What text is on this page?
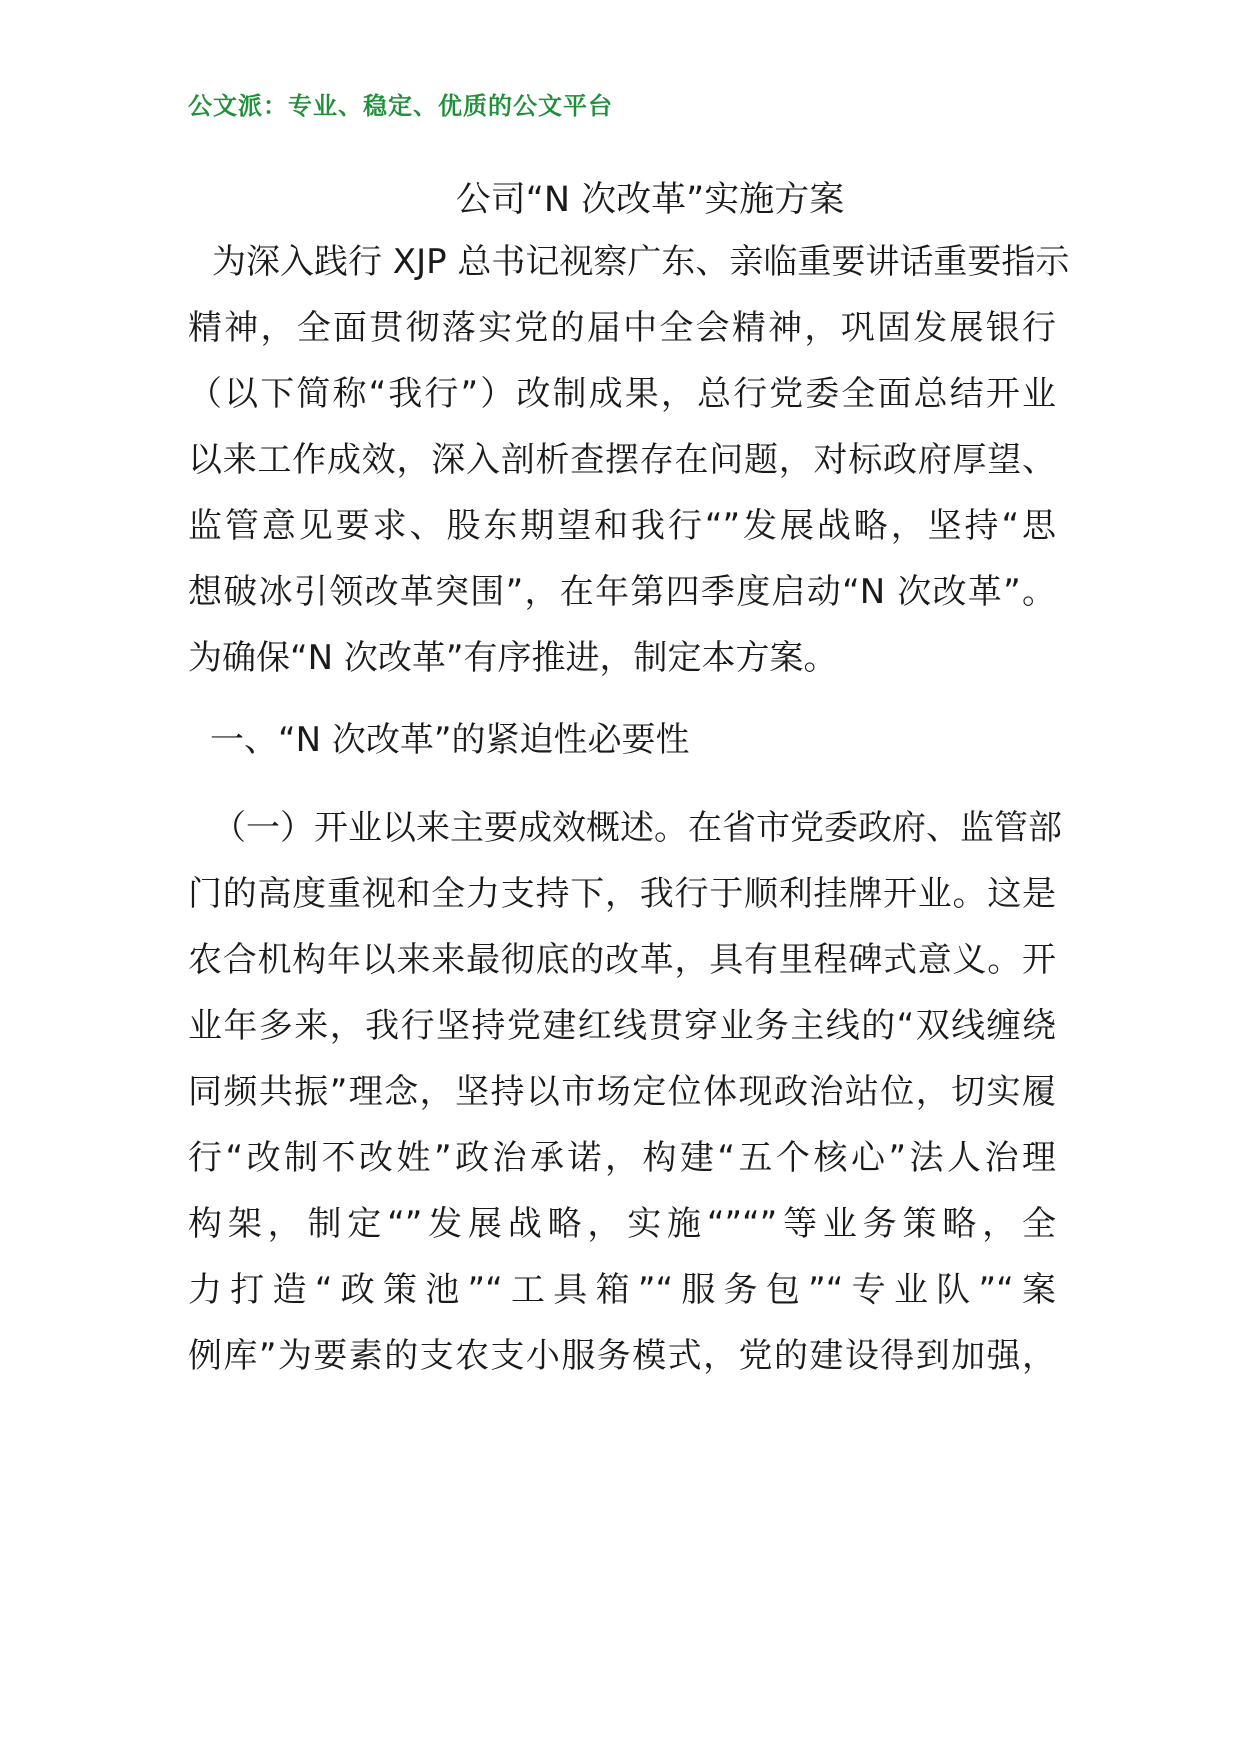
公文派：专业、稳定、优质的公文平台
公司“N 次改革”实施方案
为深入践行 XJP 总书记视察广东、亲临重要讲话重要指示
精神，全面贯彻落实党的届中全会精神，巩固发展银行
（以下简称“我行”）改制成果，总行党委全面总结开业
以来工作成效，深入剖析查摆存在问题，对标政府厚望、
监管意见要求、股东期望和我行“”发展战略，坚持“思
想破冰引领改革突围”，在年第四季度启动“N 次改革”。
为确保“N 次改革”有序推进，制定本方案。
一、“N 次改革”的紧迫性必要性
（一）开业以来主要成效概述。在省市党委政府、监管部
门的高度重视和全力支持下，我行于顺利挂牌开业。这是
农合机构年以来来最彻底的改革，具有里程碑式意义。开
业年多来，我行坚持党建红线贯穿业务主线的“双线缠绕
同频共振”理念，坚持以市场定位体现政治站位，切实履
行“改制不改姓”政治承诺，构建“五个核心”法人治理
构架，制定“”发展战略，实施“”“”等业务策略，全
力打造“政策池”“工具箱”“服务包”“专业队”“案
例库”为要素的支农支小服务模式，党的建设得到加强，
